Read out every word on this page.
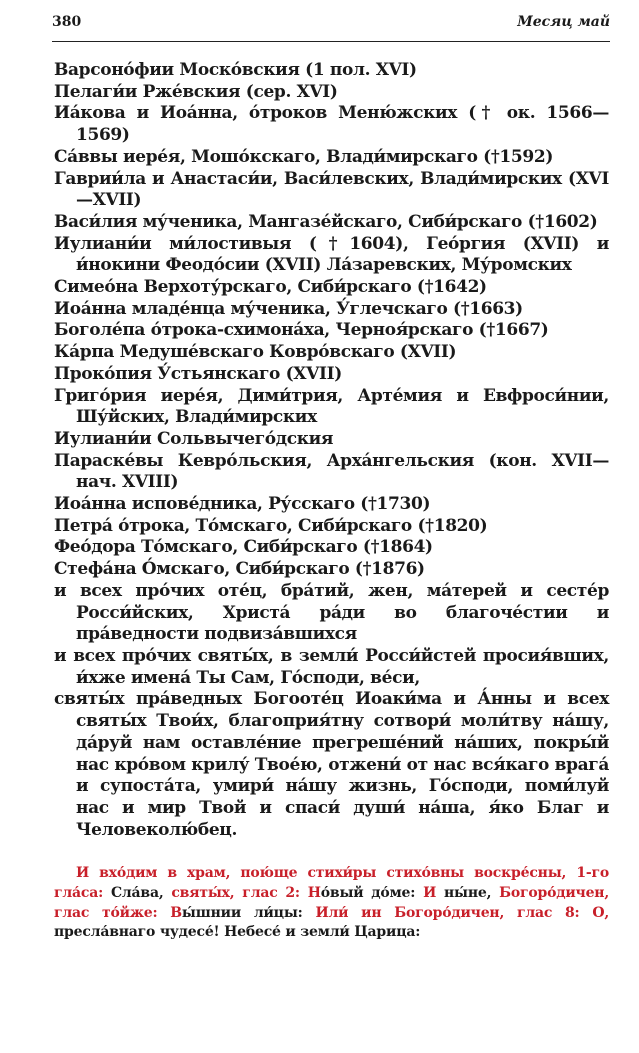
380	Месяц май

Варсоно́фии Моско́вския (1 пол. XVI)

Пелаги́и Рже́вския (сер. XVI)

Иа́кова и Иоа́нна, о́троков Меню́жских († ок. 1566—1569)

Са́ввы иере́я, Мошо́кскаго, Влади́мирскаго (†1592)

Гаврии́ла и Анастаси́и, Васи́левских, Влади́мирских (XVI—XVII)

Васи́лия му́ченика, Мангазе́йскаго, Сиби́рскаго (†1602)

Иулиани́и ми́лостивыя (†1604), Гео́ргия (XVII) и и́нокини Феодо́сии (XVII) Ла́заревских, Му́ромских

Симео́на Верхоту́рскаго, Сиби́рскаго (†1642)

Иоа́нна младе́нца му́ченика, У́глечскаго (†1663)

Боголе́па о́трока-схимона́ха, Черноя́рскаго (†1667)

Ка́рпа Медуше́вскаго Ковро́вскаго (XVII)

Проко́пия У́стьянскаго (XVII)

Григо́рия иере́я, Дими́трия, Арте́мия и Евфроси́нии, Шу́йских, Влади́мирских

Иулиани́и Сольвычего́дския

Параске́вы Кевро́льския, Арха́нгельския (кон. XVII—нач. XVIII)

Иоа́нна испове́дника, Ру́сскаго (†1730)

Петра́ о́трока, То́мскаго, Сиби́рскаго (†1820)

Фео́дора То́мскаго, Сиби́рскаго (†1864)

Стефа́на О́мскаго, Сиби́рскаго (†1876)

и всех про́чих оте́ц, бра́тий, жен, ма́терей и сесте́р Росси́йских, Христа́ ра́ди во благоче́стии и пра́ведности подвиза́вшихся

и всех про́чих святы́х, в земли́ Росси́йстей просия́вших, и́хже имена́ Ты Сам, Го́споди, ве́си,

святы́х пра́ведных Богооте́ц Иоаки́ма и А́нны и всех святы́х Твои́х, благоприя́тну сотвори́ моли́тву на́шу, да́руй нам оставле́ние прегреше́ний на́ших, покры́й нас кро́вом крилу́ Твое́ю, отжени́ от нас вся́каго врага́ и супоста́та, умири́ на́шу жизнь, Го́споди, поми́луй нас и мир Твой и спаси́ души́ на́ша, я́ко Благ и Человеколю́бец.

И вхо́дим в храм, пою́ще стихи́ры стихо́вны воскре́сны, 1-го гла́са: Сла́ва, святы́х, глас 2: Но́вый до́ме: И ны́не, Богоро́дичен, глас то́йже: Вы́шнии ли́цы: Или́ ин Богоро́дичен, глас 8: О, пресла́внаго чудесе́! Небесе́ и земли́ Царица:
